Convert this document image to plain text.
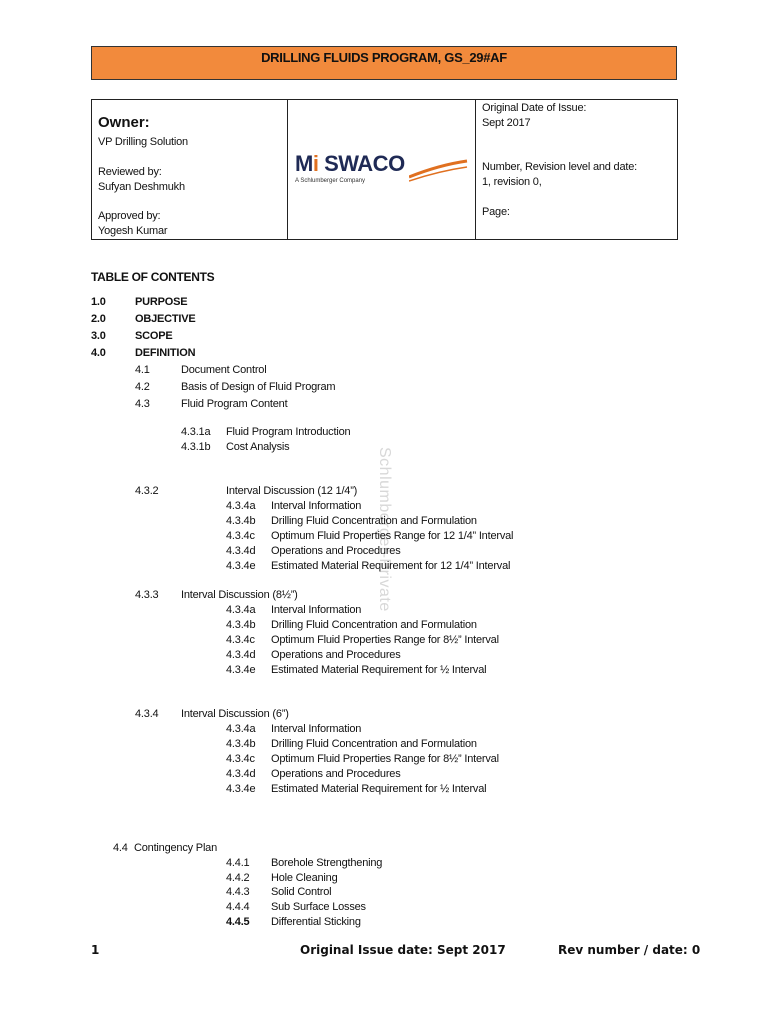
DRILLING FLUIDS PROGRAM, GS_29#AF
Owner:
VP Drilling Solution
Reviewed by:
Sufyan Deshmukh
Approved by:
Yogesh Kumar
Mi SWACO
A Schlumberger Company
Original Date of Issue:
Sept 2017
Number, Revision level and date:
1, revision 0,
Page:
Schlumberger-Private
TABLE OF CONTENTS
1.0	PURPOSE
2.0	OBJECTIVE
3.0	SCOPE
4.0	DEFINITION
4.1	Document Control
4.2	Basis of Design of Fluid Program
4.3	Fluid Program Content
4.3.1a Fluid Program Introduction
4.3.1b Cost Analysis
4.3.2	Interval Discussion (12 1/4”)
4.3.4a Interval Information
4.3.4b Drilling Fluid Concentration and Formulation
4.3.4c Optimum Fluid Properties Range for 12 1/4” Interval
4.3.4d Operations and Procedures
4.3.4e Estimated Material Requirement for 12 1/4” Interval
4.3.3 Interval Discussion (8½”)
4.3.4a Interval Information
4.3.4b Drilling Fluid Concentration and Formulation
4.3.4c Optimum Fluid Properties Range for 8½” Interval
4.3.4d Operations and Procedures
4.3.4e Estimated Material Requirement for ½ Interval
4.3.4 Interval Discussion (6”)
4.3.4a Interval Information
4.3.4b Drilling Fluid Concentration and Formulation
4.3.4c Optimum Fluid Properties Range for 8½” Interval
4.3.4d Operations and Procedures
4.3.4e Estimated Material Requirement for ½ Interval
4.4 Contingency Plan
4.4.1 Borehole Strengthening
4.4.2 Hole Cleaning
4.4.3 Solid Control
4.4.4 Sub Surface Losses
4.4.5 Differential Sticking
1	Original Issue date: Sept 2017	Rev number / date: 0
